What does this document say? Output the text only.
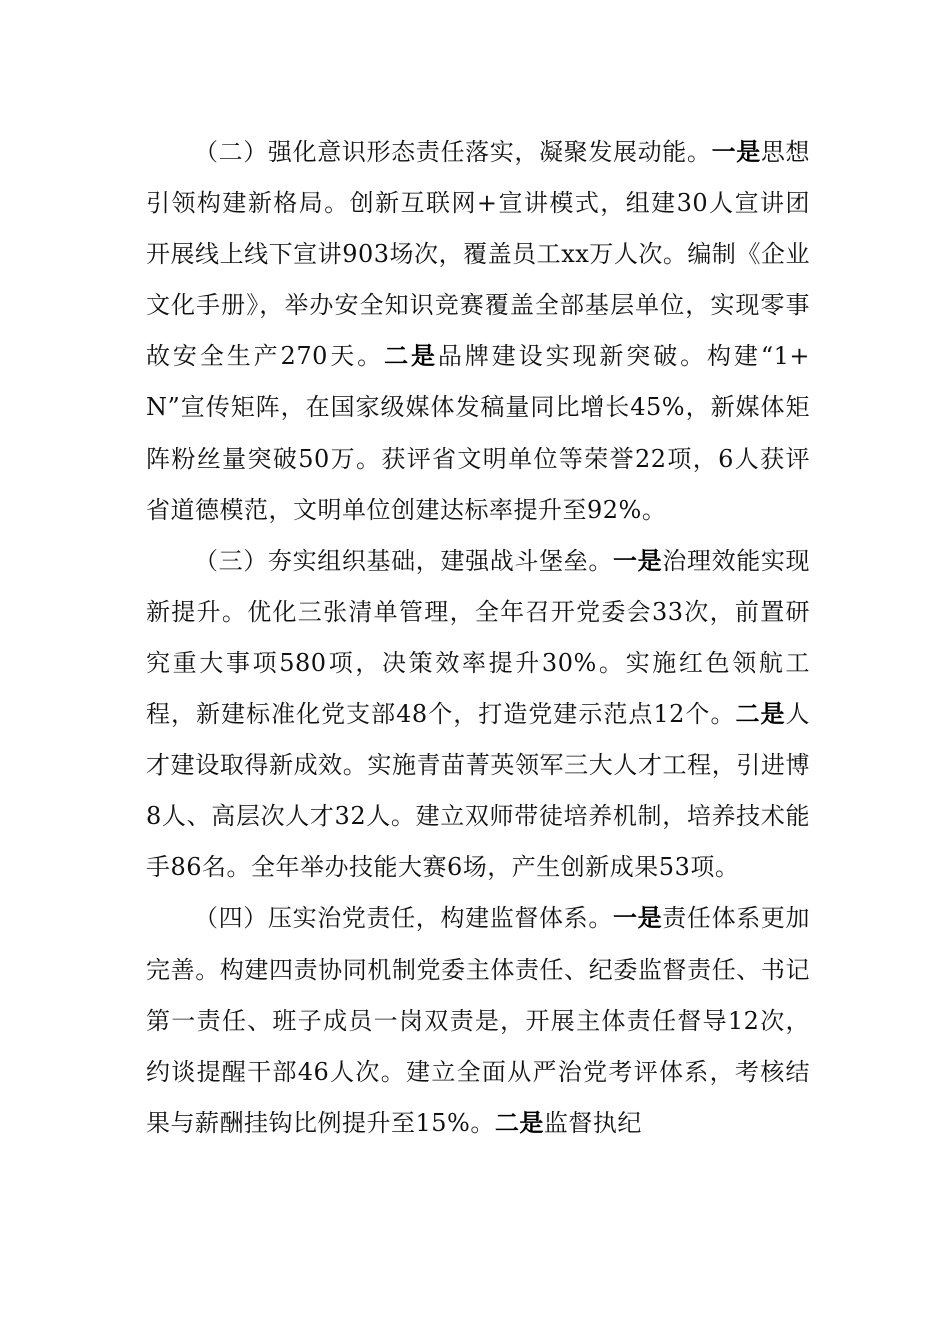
（二）强化意识形态责任落实，凝聚发展动能。一是思想引领构建新格局。创新互联网+宣讲模式，组建30人宣讲团开展线上线下宣讲903场次，覆盖员工xx万人次。编制《企业文化手册》，举办安全知识竞赛覆盖全部基层单位，实现零事故安全生产270天。二是品牌建设实现新突破。构建“1+N”宣传矩阵，在国家级媒体发稿量同比增长45%，新媒体矩阵粉丝量突破50万。获评省文明单位等荣誉22项，6人获评省道德模范，文明单位创建达标率提升至92%。

（三）夯实组织基础，建强战斗堡垒。一是治理效能实现新提升。优化三张清单管理，全年召开党委会33次，前置研究重大事项580项，决策效率提升30%。实施红色领航工程，新建标准化党支部48个，打造党建示范点12个。二是人才建设取得新成效。实施青苗菁英领军三大人才工程，引进博8人、高层次人才32人。建立双师带徒培养机制，培养技术能手86名。全年举办技能大赛6场，产生创新成果53项。

（四）压实治党责任，构建监督体系。一是责任体系更加完善。构建四责协同机制党委主体责任、纪委监督责任、书记第一责任、班子成员一岗双责是，开展主体责任督导12次，约谈提醒干部46人次。建立全面从严治党考评体系，考核结果与薪酬挂钩比例提升至15%。二是监督执纪
